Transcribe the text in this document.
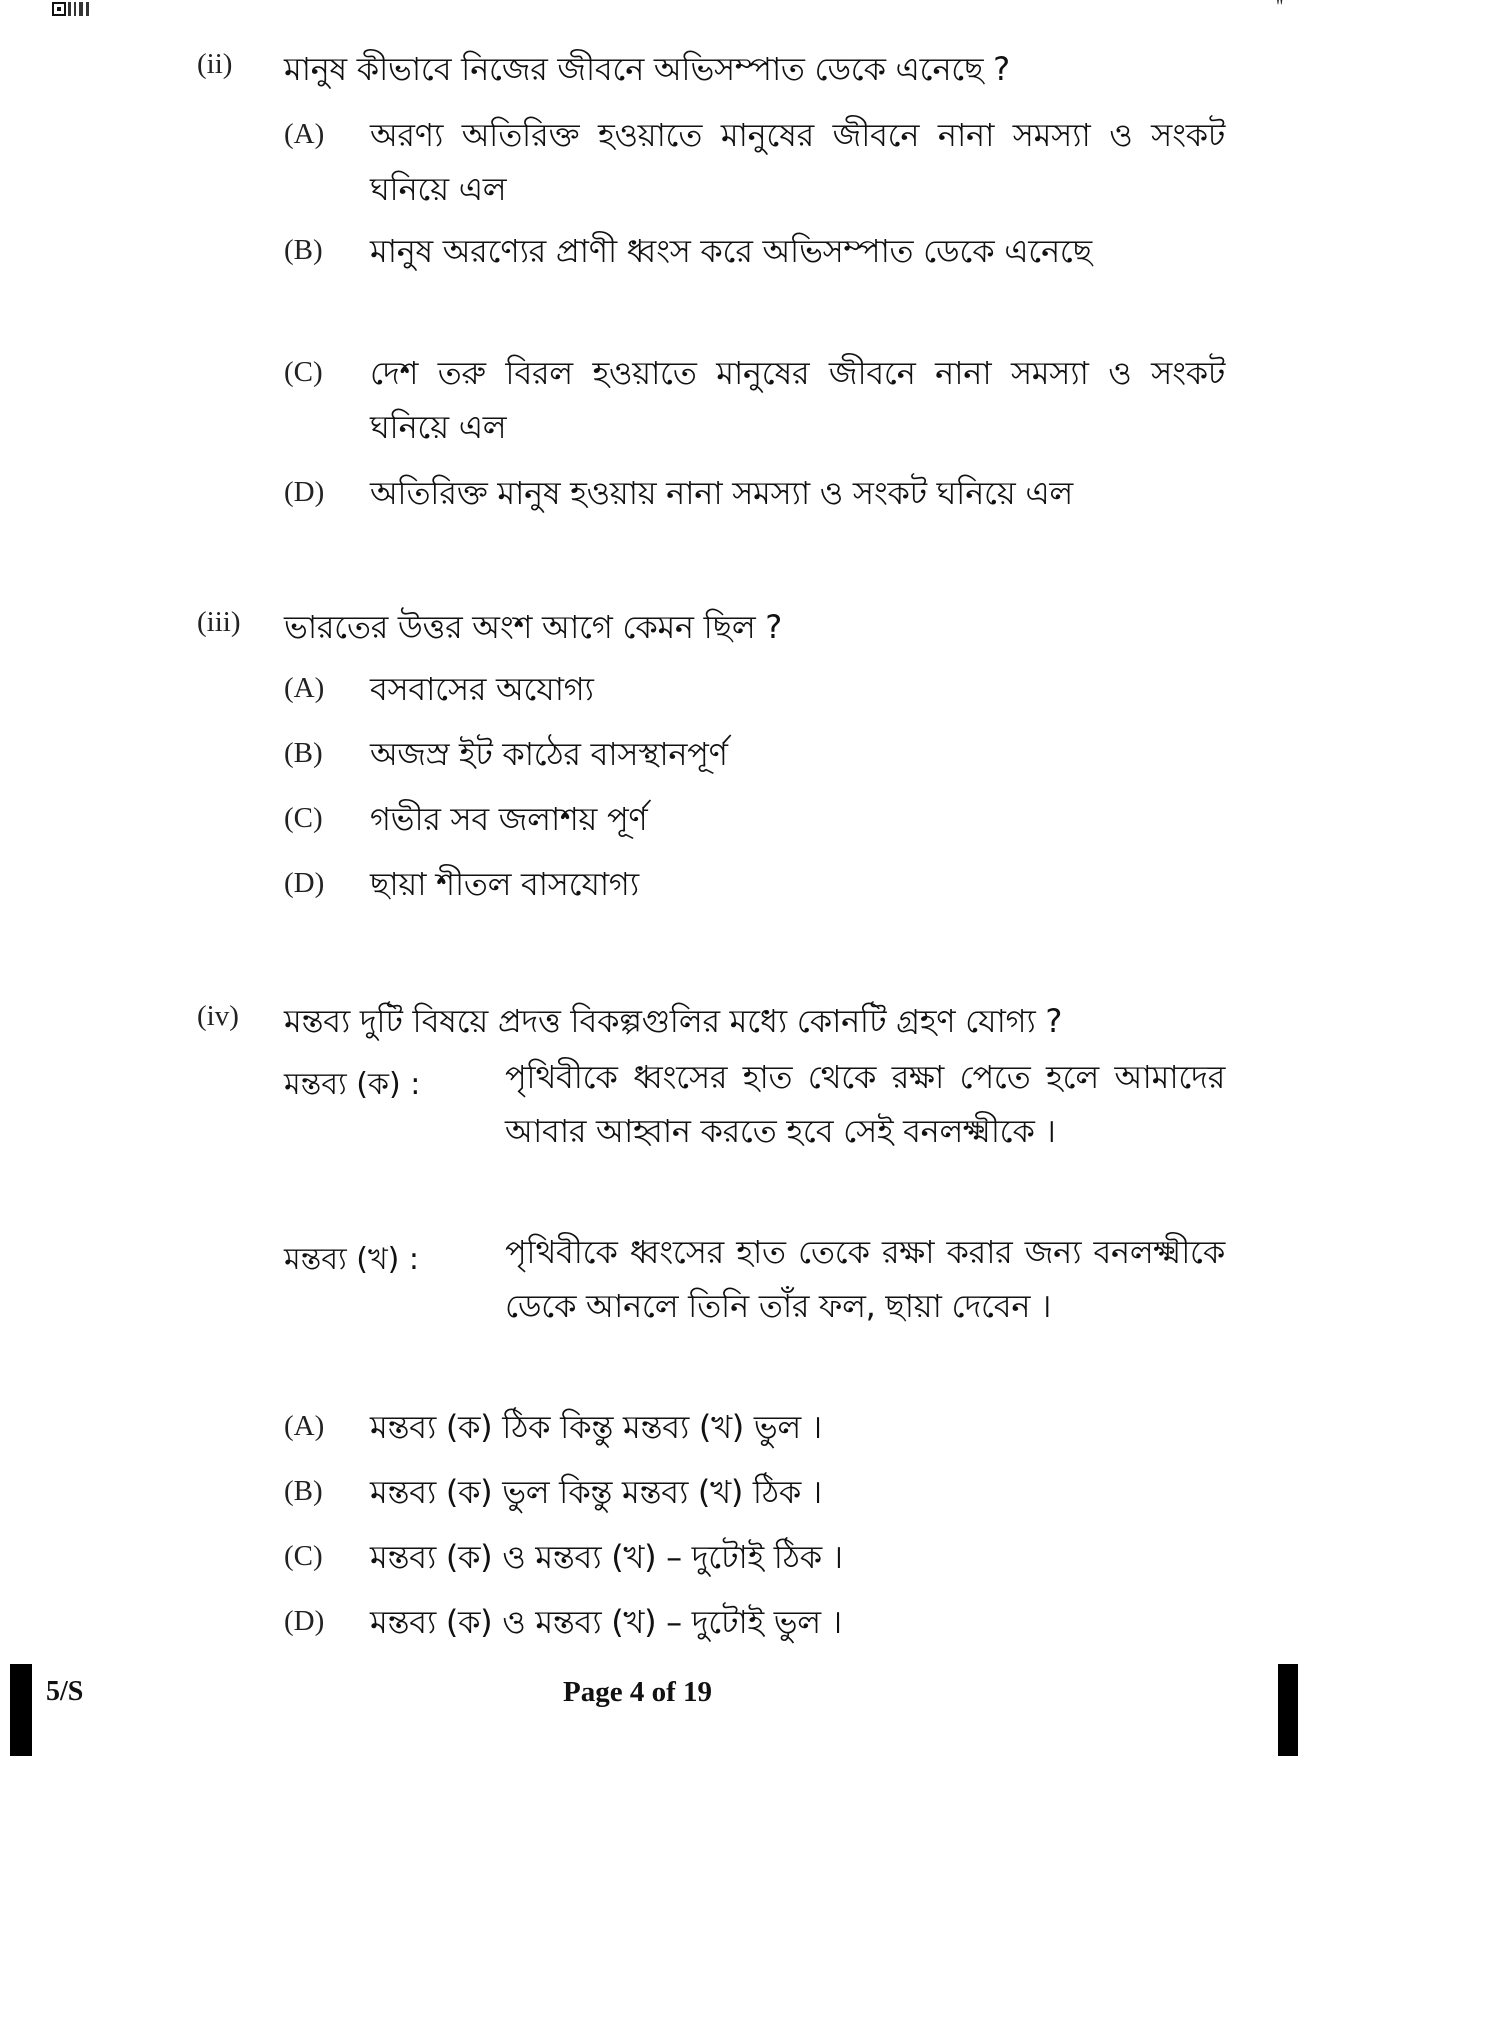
"
(ii) মানুষ কীভাবে নিজের জীবনে অভিসম্পাত ডেকে এনেছে ?
(A) অরণ্য অতিরিক্ত হওয়াতে মানুষের জীবনে নানা সমস্যা ও সংকট ঘনিয়ে এল
(B) মানুষ অরণ্যের প্রাণী ধ্বংস করে অভিসম্পাত ডেকে এনেছে
(C) দেশ তরু বিরল হওয়াতে মানুষের জীবনে নানা সমস্যা ও সংকট ঘনিয়ে এল
(D) অতিরিক্ত মানুষ হওয়ায় নানা সমস্যা ও সংকট ঘনিয়ে এল
(iii) ভারতের উত্তর অংশ আগে কেমন ছিল ?
(A) বসবাসের অযোগ্য
(B) অজস্র ইট কাঠের বাসস্থানপূর্ণ
(C) গভীর সব জলাশয় পূর্ণ
(D) ছায়া শীতল বাসযোগ্য
(iv) মন্তব্য দুটি বিষয়ে প্রদত্ত বিকল্পগুলির মধ্যে কোনটি গ্রহণ যোগ্য ?
মন্তব্য (ক) :	পৃথিবীকে ধ্বংসের হাত থেকে রক্ষা পেতে হলে আমাদের আবার আহ্বান করতে হবে সেই বনলক্ষ্মীকে ।
মন্তব্য (খ) :	পৃথিবীকে ধ্বংসের হাত তেকে রক্ষা করার জন্য বনলক্ষ্মীকে ডেকে আনলে তিনি তাঁর ফল, ছায়া দেবেন ।
(A) মন্তব্য (ক) ঠিক কিন্তু মন্তব্য (খ) ভুল ।
(B) মন্তব্য (ক) ভুল কিন্তু মন্তব্য (খ) ঠিক ।
(C) মন্তব্য (ক) ও মন্তব্য (খ) – দুটোই ঠিক ।
(D) মন্তব্য (ক) ও মন্তব্য (খ) – দুটোই ভুল ।
5/S	Page 4 of 19
